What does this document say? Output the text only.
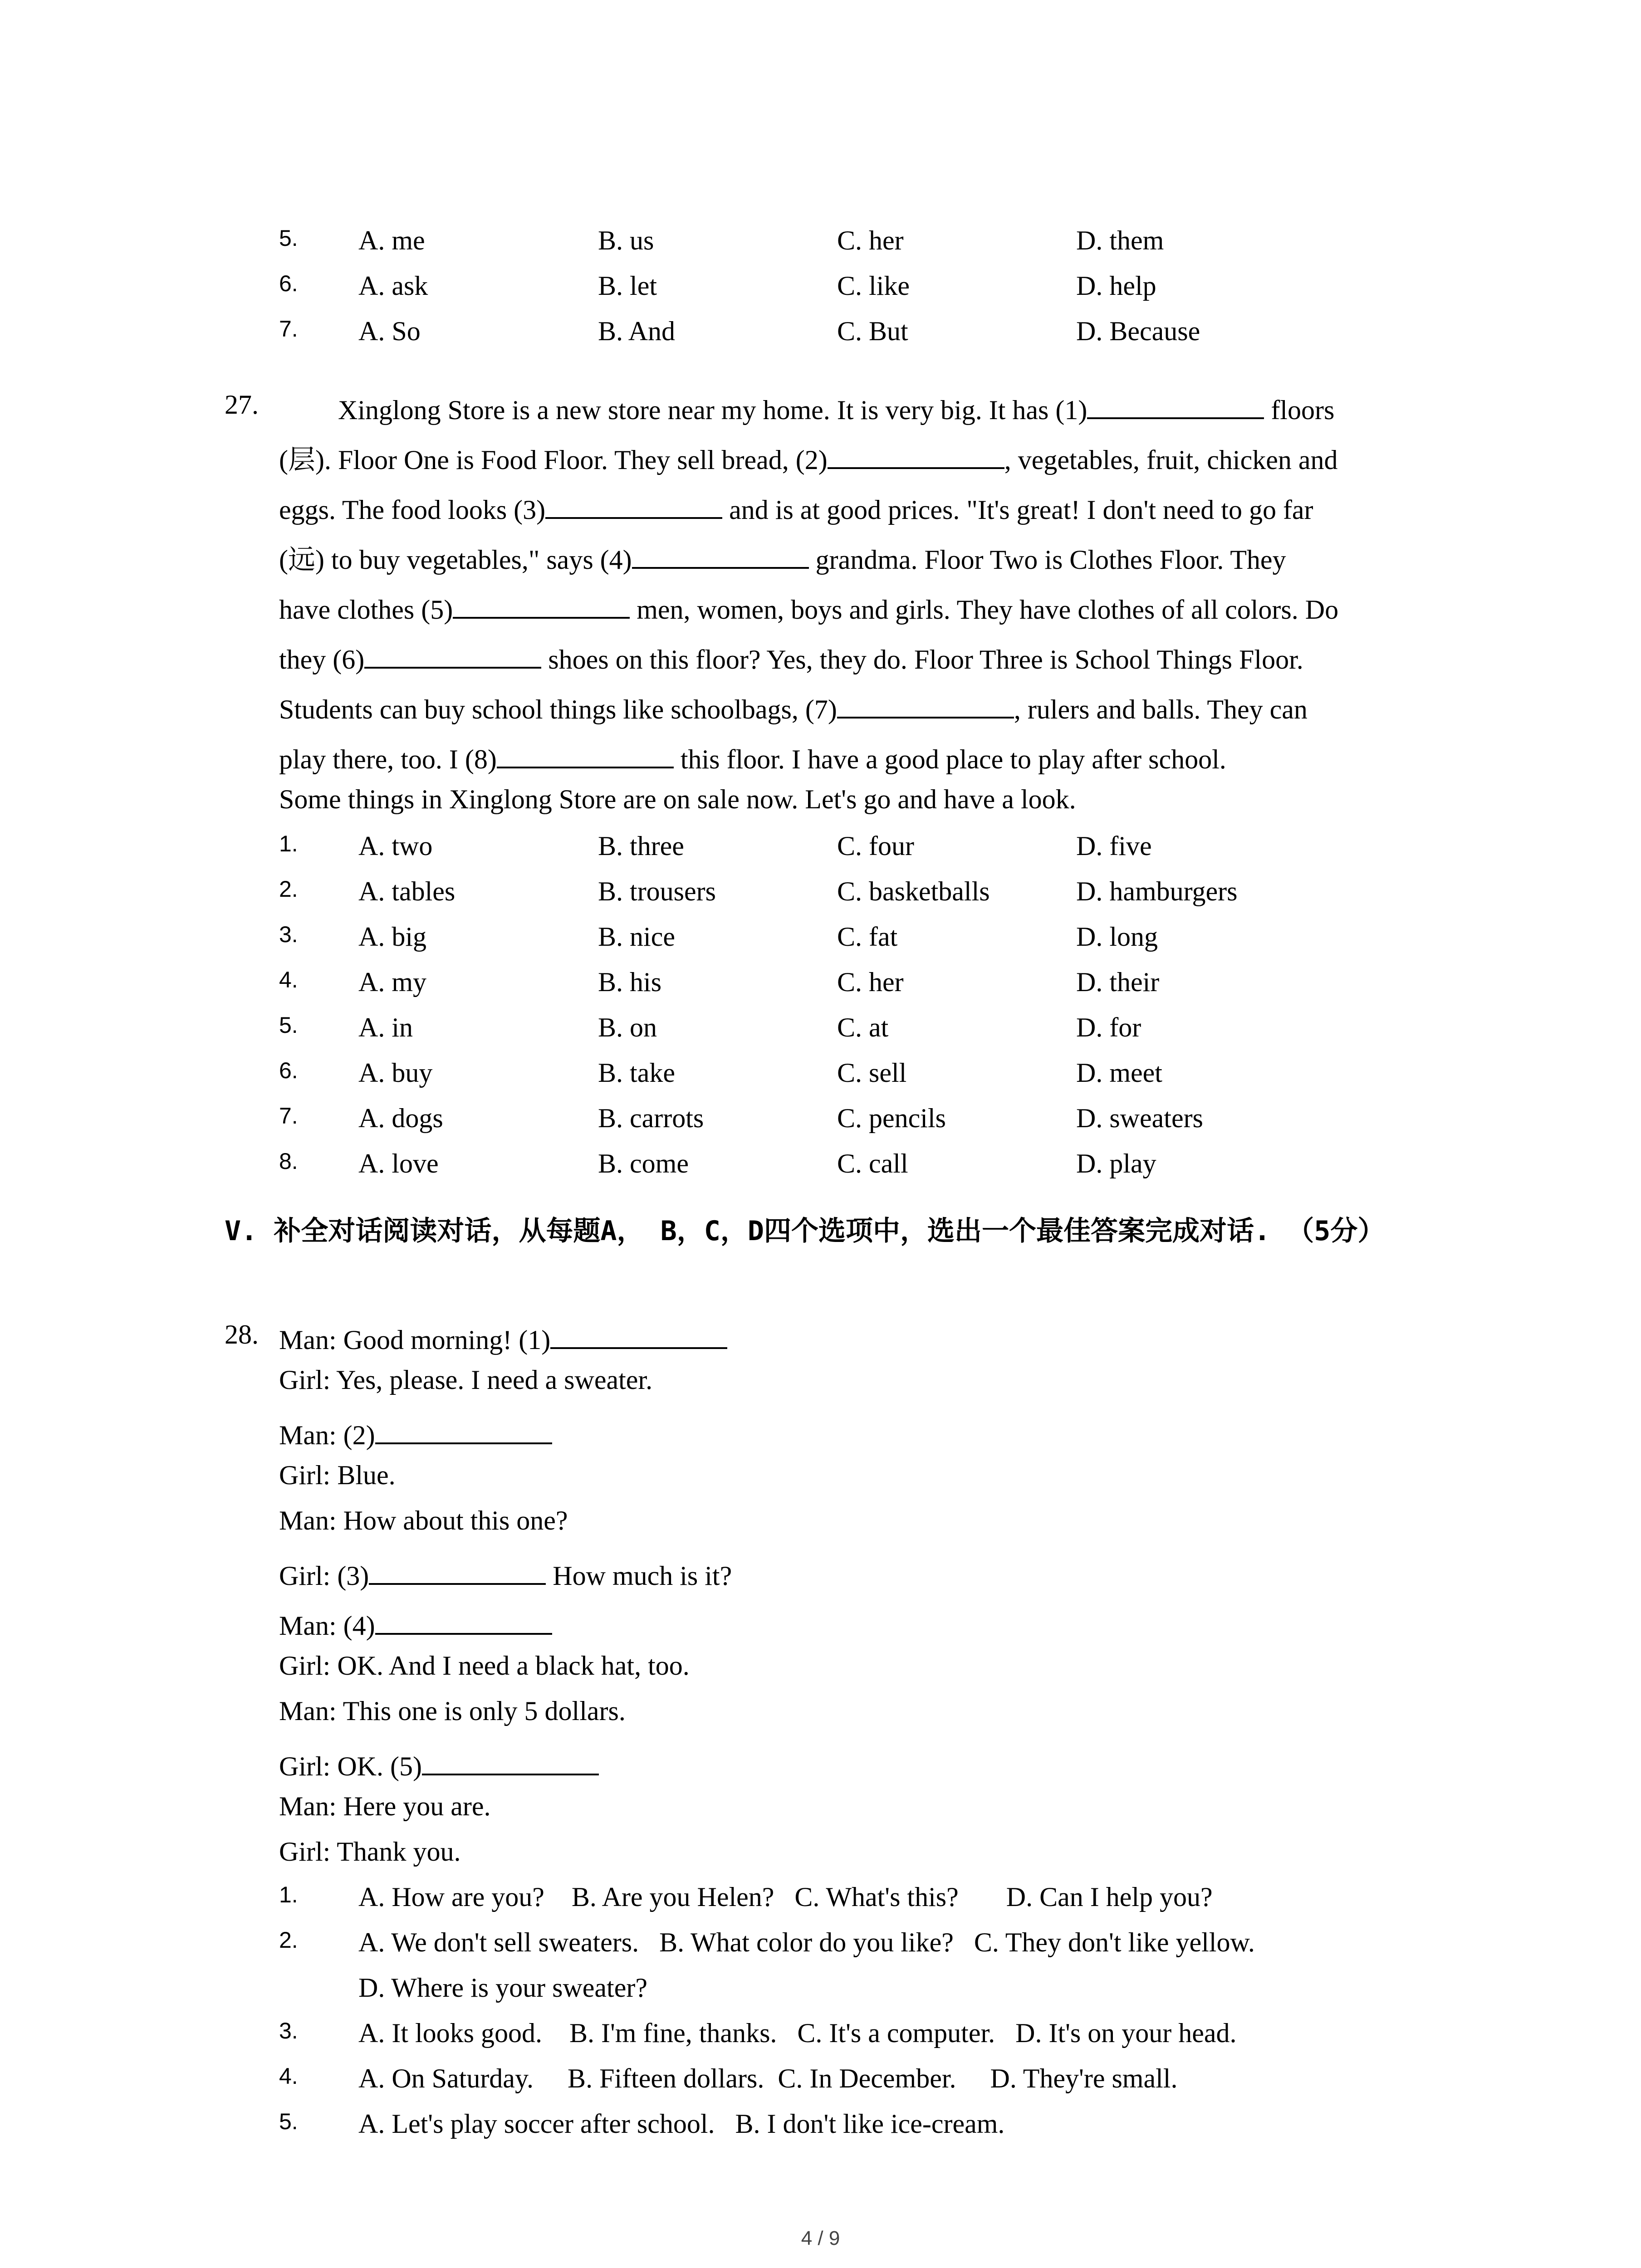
5. A. me	B. us	C. her	D. them
6. A. ask	B. let	C. like	D. help
7. A. So	B. And	C. But	D. Because
27.	Xinglong Store is a new store near my home. It is very big. It has (1)	floors
(层). Floor One is Food Floor. They sell bread, (2)	, vegetables, fruit, chicken and
eggs. The food looks (3)	and is at good prices. "It's great! I don't need to go far
(远) to buy vegetables," says (4)	grandma. Floor Two is Clothes Floor. They
have clothes (5)	men, women, boys and girls. They have clothes of all colors. Do
they (6)	shoes on this floor? Yes, they do. Floor Three is School Things Floor.
Students can buy school things like schoolbags, (7)	, rulers and balls. They can
play there, too. I (8)	this floor. I have a good place to play after school.
Some things in Xinglong Store are on sale now. Let's go and have a look.
1. A. two	B. three	C. four	D. five
2. A. tables	B. trousers	C. basketballs	D. hamburgers
3. A. big	B. nice	C. fat	D. long
4. A. my	B. his	C. her	D. their
5. A. in	B. on	C. at	D. for
6. A. buy	B. take	C. sell	D. meet
7. A. dogs	B. carrots	C. pencils	D. sweaters
8. A. love	B. come	C. call	D. play
V. 补全对话阅读对话，从每题A， B，C，D四个选项中，选出一个最佳答案完成对话. （5分）
28. Man: Good morning! (1)
Girl: Yes, please. I need a sweater.
Man: (2)
Girl: Blue.
Man: How about this one?
Girl: (3)	How much is it?
Man: (4)
Girl: OK. And I need a black hat, too.
Man: This one is only 5 dollars.
Girl: OK. (5)
Man: Here you are.
Girl: Thank you.
1. A. How are you?    B. Are you Helen?   C. What's this?       D. Can I help you?
2. A. We don't sell sweaters.   B. What color do you like?   C. They don't like yellow.
D. Where is your sweater?
3. A. It looks good.    B. I'm fine, thanks.   C. It's a computer.   D. It's on your head.
4. A. On Saturday.     B. Fifteen dollars.  C. In December.     D. They're small.
5. A. Let's play soccer after school.   B. I don't like ice-cream.
4 / 9
